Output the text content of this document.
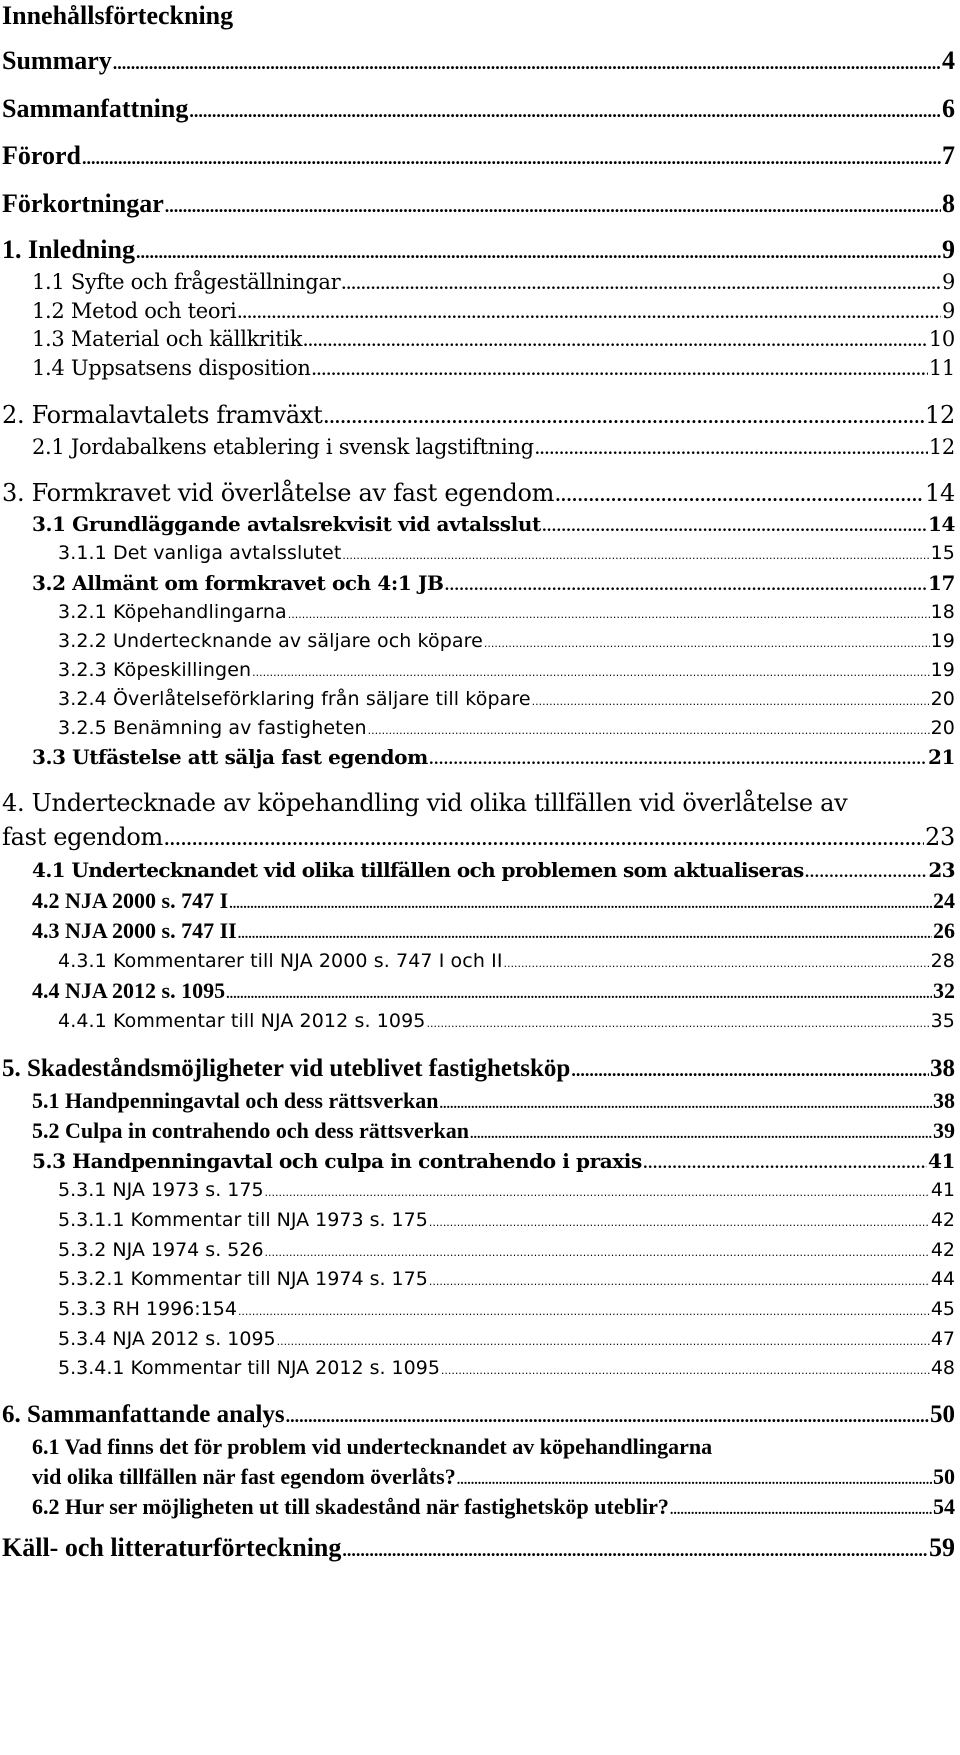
Innehållsförteckning
Summary .....	4
Sammanfattning .....	6
Förord .....	7
Förkortningar .....	8
1. Inledning .....	9
1.1 Syfte och frågeställningar .....	9
1.2 Metod och teori .....	9
1.3 Material och källkritik .....	10
1.4 Uppsatsens disposition .....	11
2. Formalavtalets framväxt .....	12
2.1 Jordabalkens etablering i svensk lagstiftning .....	12
3. Formkravet vid överlåtelse av fast egendom .....	14
3.1 Grundläggande avtalsrekvisit vid avtalsslut .....	14
3.1.1 Det vanliga avtalsslutet .....	15
3.2 Allmänt om formkravet och 4:1 JB .....	17
3.2.1 Köpehandlingarna .....	18
3.2.2 Undertecknande av säljare och köpare .....	19
3.2.3 Köpeskillingen .....	19
3.2.4 Överlåtelseförklaring från säljare till köpare .....	20
3.2.5 Benämning av fastigheten .....	20
3.3 Utfästelse att sälja fast egendom .....	21
4. Undertecknade av köpehandling vid olika tillfällen vid överlåtelse av
fast egendom .....	23
4.1 Undertecknandet vid olika tillfällen och problemen som aktualiseras .....	23
4.2 NJA 2000 s. 747 I .....	24
4.3 NJA 2000 s. 747 II .....	26
4.3.1 Kommentarer till NJA 2000 s. 747 I och II .....	28
4.4 NJA 2012 s. 1095 .....	32
4.4.1 Kommentar till NJA 2012 s. 1095 .....	35
5. Skadeståndsmöjligheter vid uteblivet fastighetsköp .....	38
5.1 Handpenningavtal och dess rättsverkan .....	38
5.2 Culpa in contrahendo och dess rättsverkan .....	39
5.3 Handpenningavtal och culpa in contrahendo i praxis .....	41
5.3.1 NJA 1973 s. 175 .....	41
5.3.1.1 Kommentar till NJA 1973 s. 175 .....	42
5.3.2 NJA 1974 s. 526 .....	42
5.3.2.1 Kommentar till NJA 1974 s. 175 .....	44
5.3.3 RH 1996:154 .....	45
5.3.4 NJA 2012 s. 1095 .....	47
5.3.4.1 Kommentar till NJA 2012 s. 1095 .....	48
6. Sammanfattande analys .....	50
6.1 Vad finns det för problem vid undertecknandet av köpehandlingarna
vid olika tillfällen när fast egendom överlåts? .....	50
6.2 Hur ser möjligheten ut till skadestånd när fastighetsköp uteblir? .....	54
Käll- och litteraturförteckning .....	59
